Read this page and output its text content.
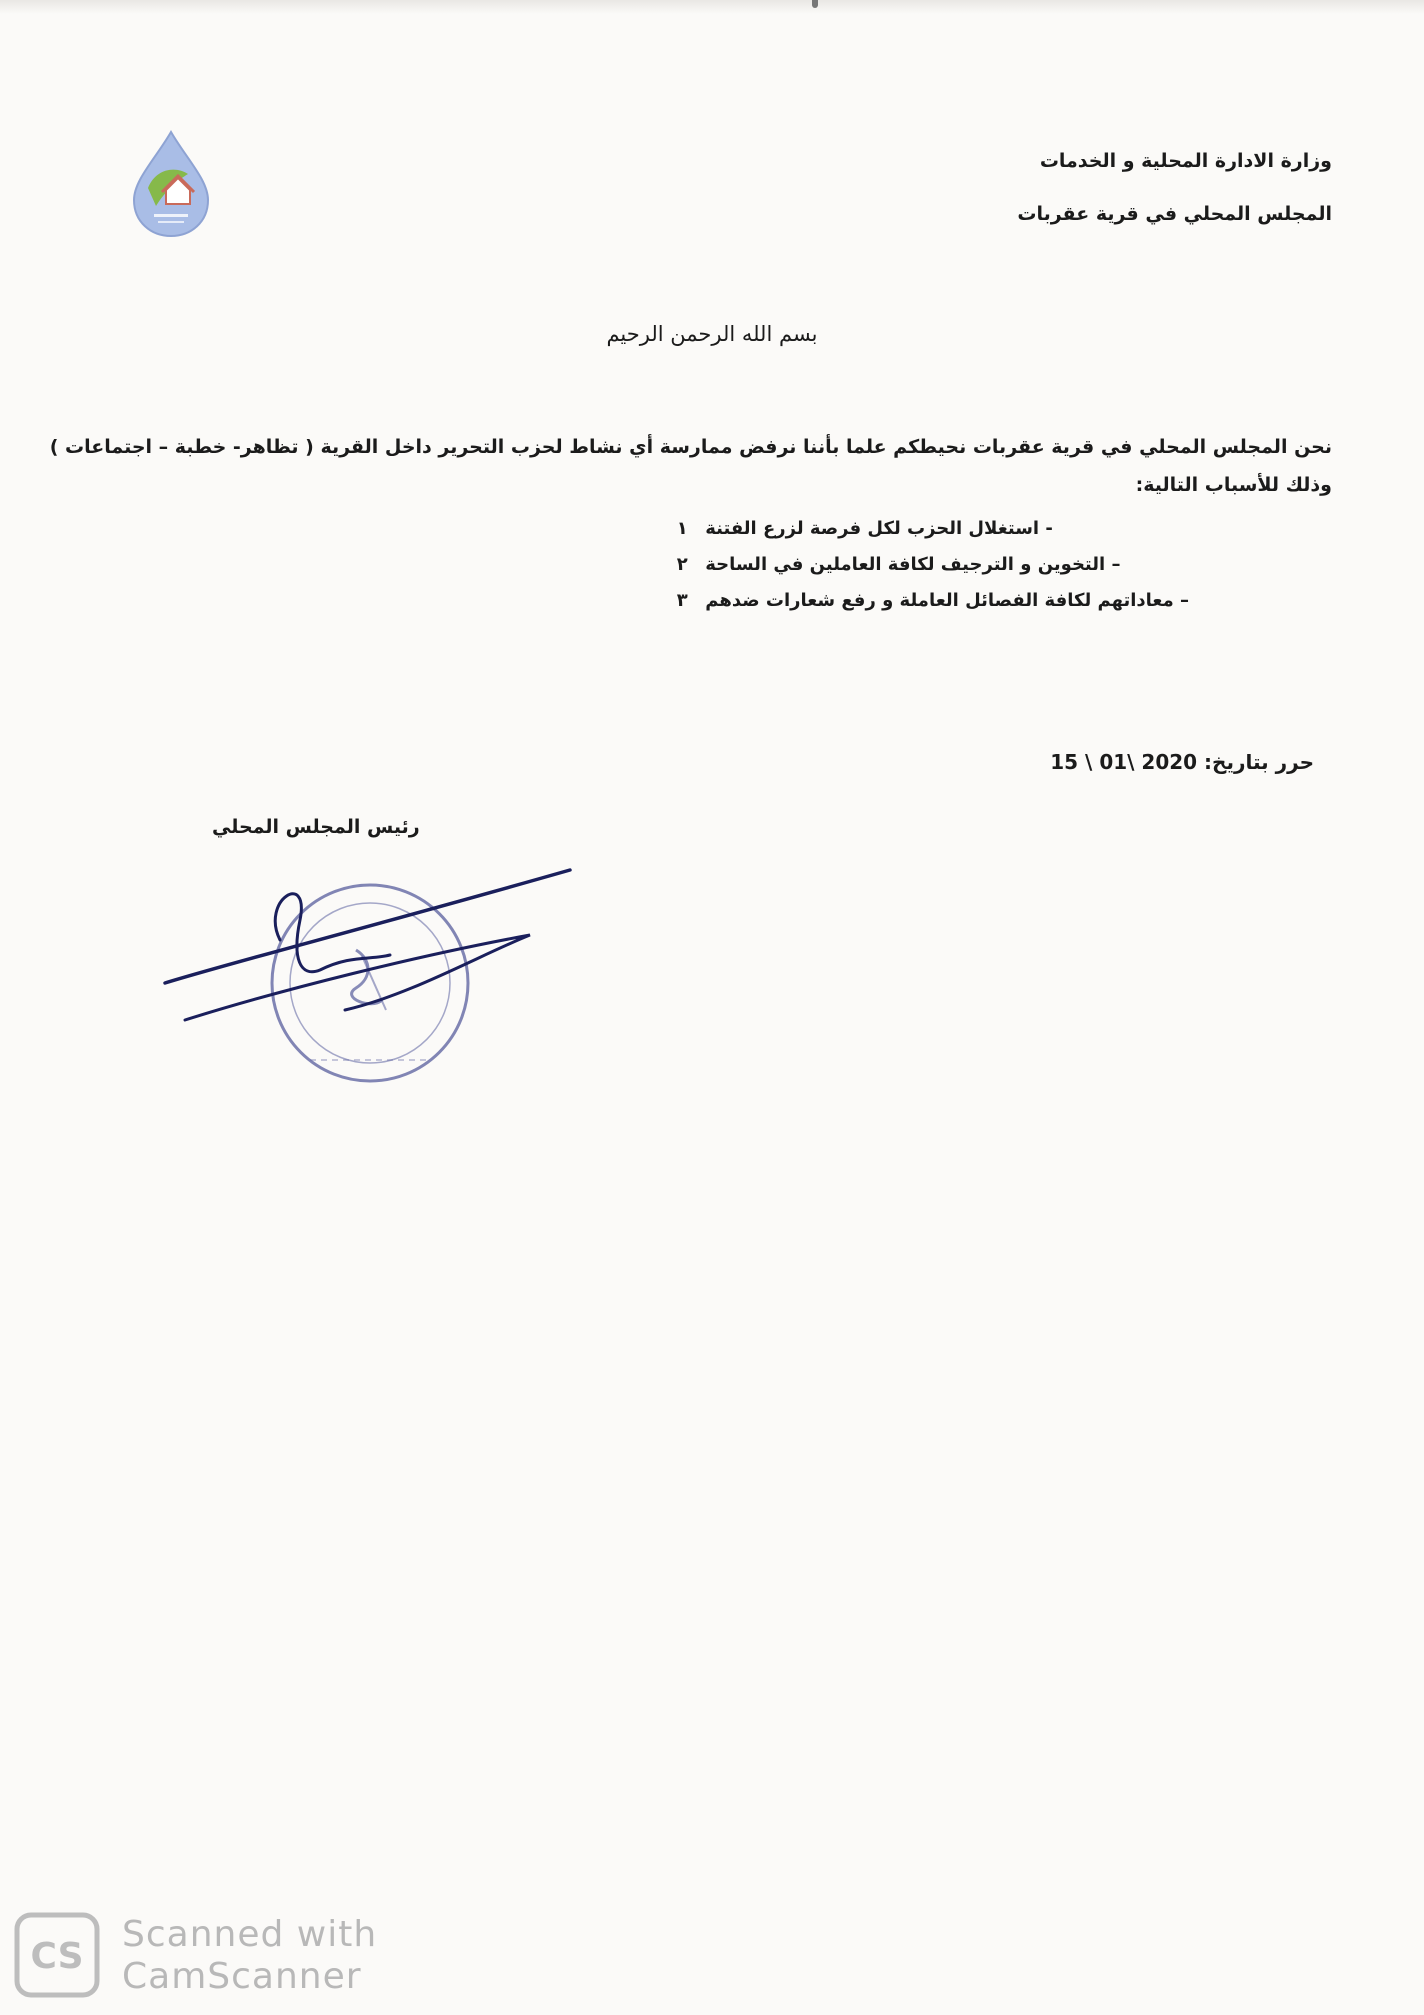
وزارة الادارة المحلية و الخدمات
المجلس المحلي في قرية عقربات
بسم الله الرحمن الرحيم
نحن المجلس المحلي في قرية عقربات نحيطكم علما بأننا نرفض ممارسة أي نشاط لحزب التحرير داخل القرية ( تظاهر- خطبة – اجتماعات )
وذلك للأسباب التالية:
١ - استغلال الحزب لكل فرصة لزرع الفتنة
٢ – التخوين و الترجيف لكافة العاملين في الساحة
٣ – معاداتهم لكافة الفصائل العاملة و رفع شعارات ضدهم
حرر بتاريخ: 15 \ 01\ 2020
رئيس المجلس المحلي
CS
Scanned with
CamScanner
